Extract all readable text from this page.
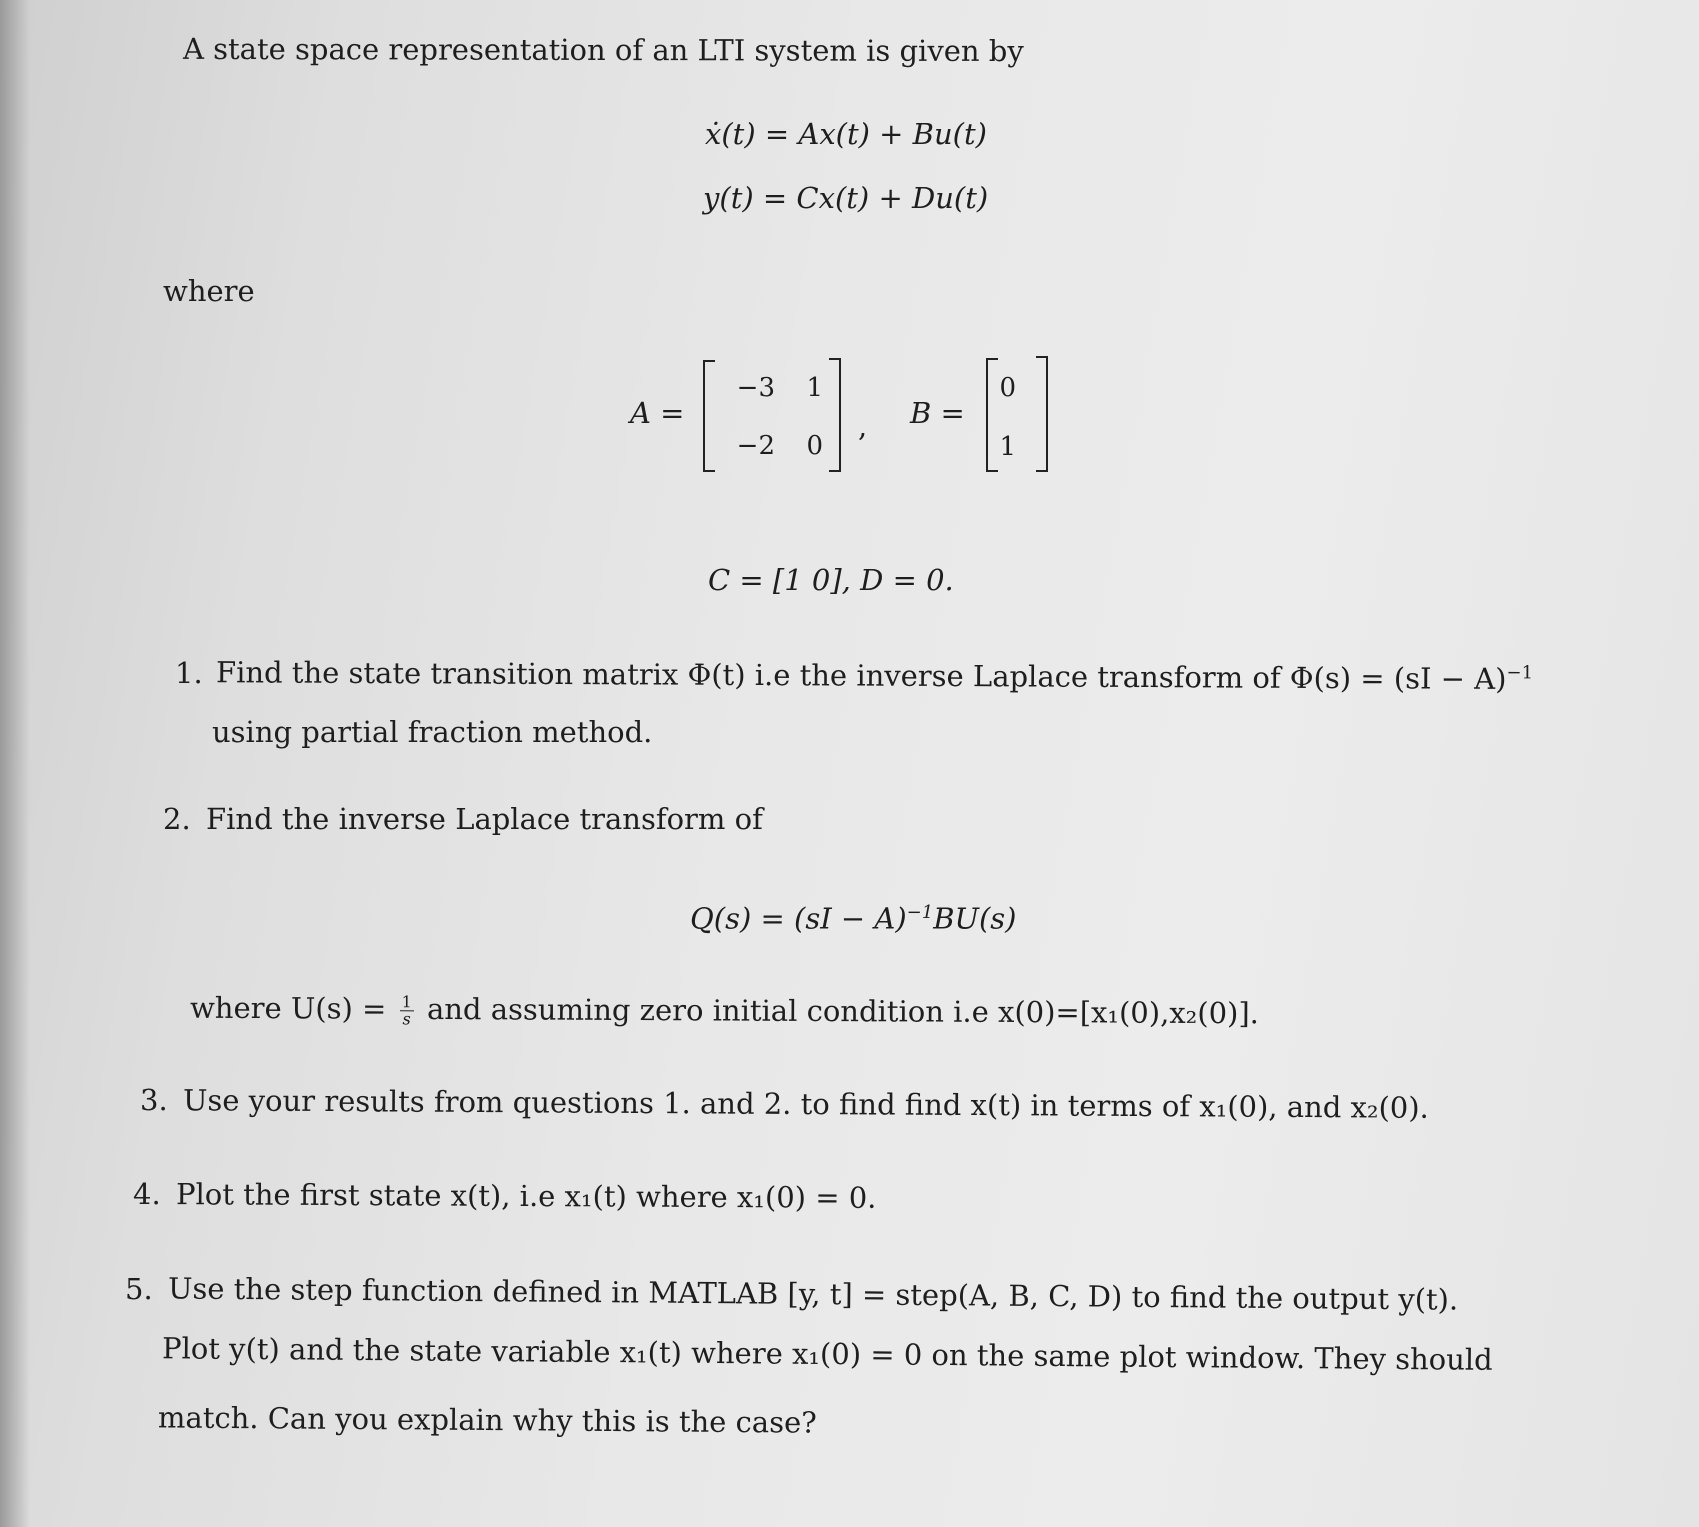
A state space representation of an LTI system is given by
ẋ(t) = Ax(t) + Bu(t)
y(t) = Cx(t) + Du(t)
where
A =
−3	1
−2	0
, B =
0
1
C = [1 0], D = 0.
1. Find the state transition matrix Φ(t) i.e the inverse Laplace transform of Φ(s) = (sI − A)$^{-1}$
using partial fraction method.
2. Find the inverse Laplace transform of
Q(s) = (sI − A)$^{-1}$BU(s)
where $U(s) = \frac{1}{s}$ and assuming zero initial condition i.e x(0)=[x₁(0),x₂(0)].
3. Use your results from questions 1. and 2. to find find x(t) in terms of x₁(0), and x₂(0).
4. Plot the first state x(t), i.e x₁(t) where x₁(0) = 0.
5. Use the step function defined in MATLAB [y, t] = step(A, B, C, D) to find the output y(t).
Plot y(t) and the state variable x₁(t) where x₁(0) = 0 on the same plot window. They should
match. Can you explain why this is the case?
